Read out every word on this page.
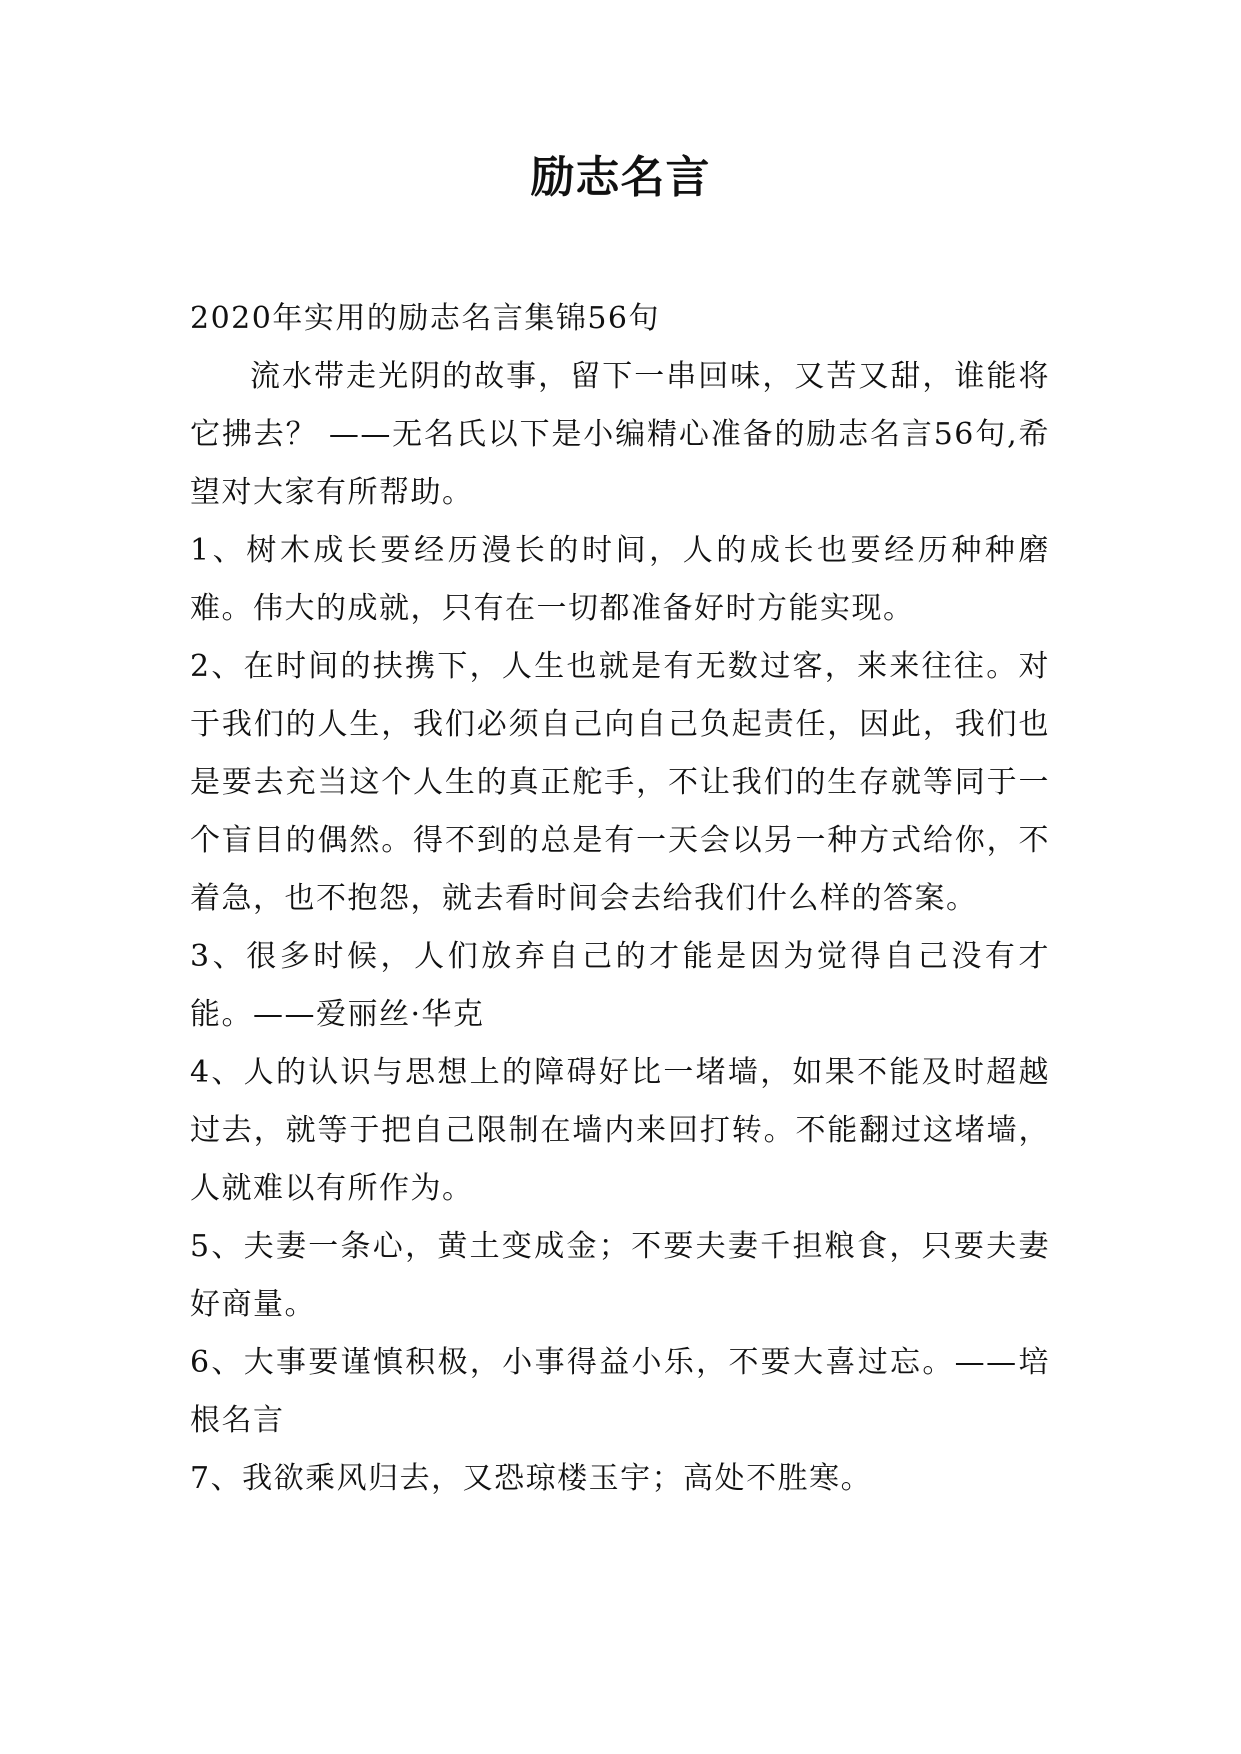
励志名言

2020年实用的励志名言集锦56句

流水带走光阴的故事，留下一串回味，又苦又甜，谁能将它拂去？ ——无名氏以下是小编精心准备的励志名言56句,希望对大家有所帮助。

1、树木成长要经历漫长的时间，人的成长也要经历种种磨难。伟大的成就，只有在一切都准备好时方能实现。

2、在时间的扶携下，人生也就是有无数过客，来来往往。对于我们的人生，我们必须自己向自己负起责任，因此，我们也是要去充当这个人生的真正舵手，不让我们的生存就等同于一个盲目的偶然。得不到的总是有一天会以另一种方式给你，不着急，也不抱怨，就去看时间会去给我们什么样的答案。

3、很多时候，人们放弃自己的才能是因为觉得自己没有才能。——爱丽丝·华克

4、人的认识与思想上的障碍好比一堵墙，如果不能及时超越过去，就等于把自己限制在墙内来回打转。不能翻过这堵墙，人就难以有所作为。

5、夫妻一条心，黄土变成金；不要夫妻千担粮食，只要夫妻好商量。

6、大事要谨慎积极，小事得益小乐，不要大喜过忘。——培根名言

7、我欲乘风归去，又恐琼楼玉宇；高处不胜寒。
